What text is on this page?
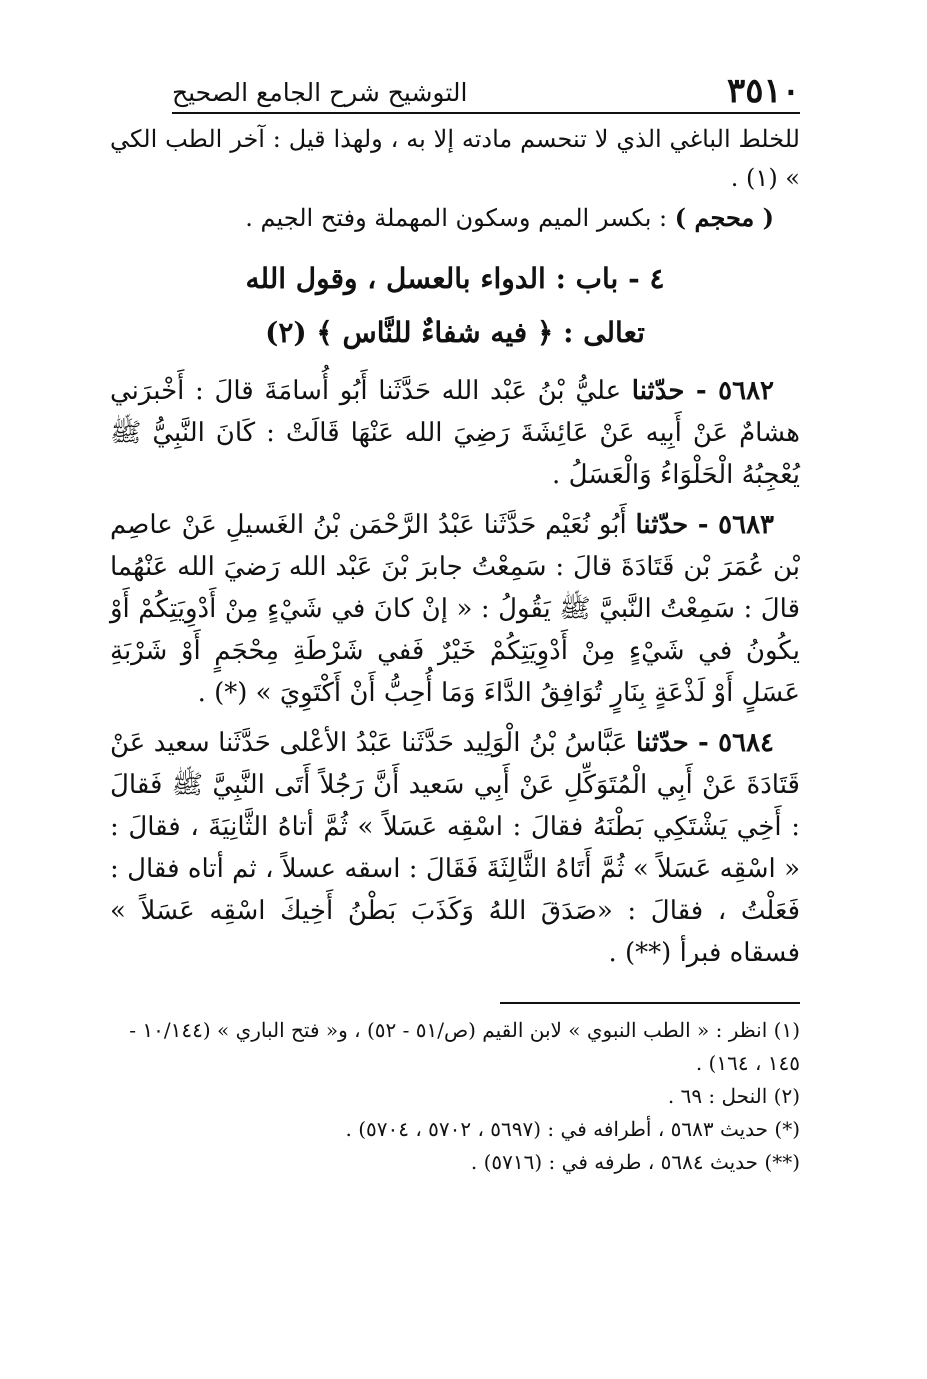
٣٥١٠
التوشيح شرح الجامع الصحيح

للخلط الباغي الذي لا تنحسم مادته إلا به ، ولهذا قيل : آخر الطب الكي » (١) .

( محجم ) : بكسر الميم وسكون المهملة وفتح الجيم .

٤ - باب : الدواء بالعسل ، وقول الله

تعالى : ﴿ فيه شفاءٌ للنَّاس ﴾ (٢)

٥٦٨٢ - حدّثنا عليُّ بْنُ عَبْد الله حَدَّثَنا أَبُو أُسامَةَ قالَ : أَخْبرَني هشامٌ عَنْ أَبِيه عَنْ عَائِشَةَ رَضِيَ الله عَنْهَا قَالَتْ : كَانَ النَّبِيُّ ﷺ يُعْجِبُهُ الْحَلْوَاءُ وَالْعَسَلُ .

٥٦٨٣ - حدّثنا أَبُو نُعَيْم حَدَّثَنا عَبْدُ الرَّحْمَن بْنُ الغَسيلِ عَنْ عاصِم بْن عُمَرَ بْن قَتَادَةَ قالَ : سَمِعْتُ جابرَ بْنَ عَبْد الله رَضيَ الله عَنْهُما قالَ : سَمِعْتُ النَّبيَّ ﷺ يَقُولُ : « إنْ كانَ في شَيْءٍ مِنْ أَدْوِيَتِكُمْ أَوْ يكُونُ في شَيْءٍ مِنْ أَدْوِيَتِكُمْ خَيْرٌ فَفي شَرْطَةِ مِحْجَمٍ أَوْ شَرْبَةِ عَسَلٍ أَوْ لَذْعَةٍ بِنَارٍ تُوَافِقُ الدَّاءَ وَمَا أُحِبُّ أَنْ أَكْتَوِيَ » (*) .

٥٦٨٤ - حدّثنا عَبَّاسُ بْنُ الْوَلِيد حَدَّثَنا عَبْدُ الأعْلى حَدَّثَنا سعيد عَنْ قَتَادَةَ عَنْ أَبِي الْمُتَوَكِّلِ عَنْ أَبِي سَعيد أَنَّ رَجُلاً أَتَى النَّبِيَّ ﷺ فَقالَ : أَخِي يَشْتَكِي بَطْنَهُ فقالَ : اسْقِه عَسَلاً » ثُمَّ أتاهُ الثَّانِيَةَ ، فقالَ : « اسْقِه عَسَلاً » ثُمَّ أَتَاهُ الثَّالِثَةَ فَقَالَ : اسقه عسلاً ، ثم أتاه فقال : فَعَلْتُ ، فقالَ : «صَدَقَ اللهُ وَكَذَبَ بَطْنُ أَخِيكَ اسْقِه عَسَلاً » فسقاه فبرأ (**) .

(١) انظر : « الطب النبوي » لابن القيم (ص/٥١ - ٥٢) ، و« فتح الباري » (١٠/١٤٤ - ١٤٥ ، ١٦٤) .

(٢) النحل : ٦٩ .

(*) حديث ٥٦٨٣ ، أطرافه في : (٥٦٩٧ ، ٥٧٠٢ ، ٥٧٠٤) .

(**) حديث ٥٦٨٤ ، طرفه في : (٥٧١٦) .
